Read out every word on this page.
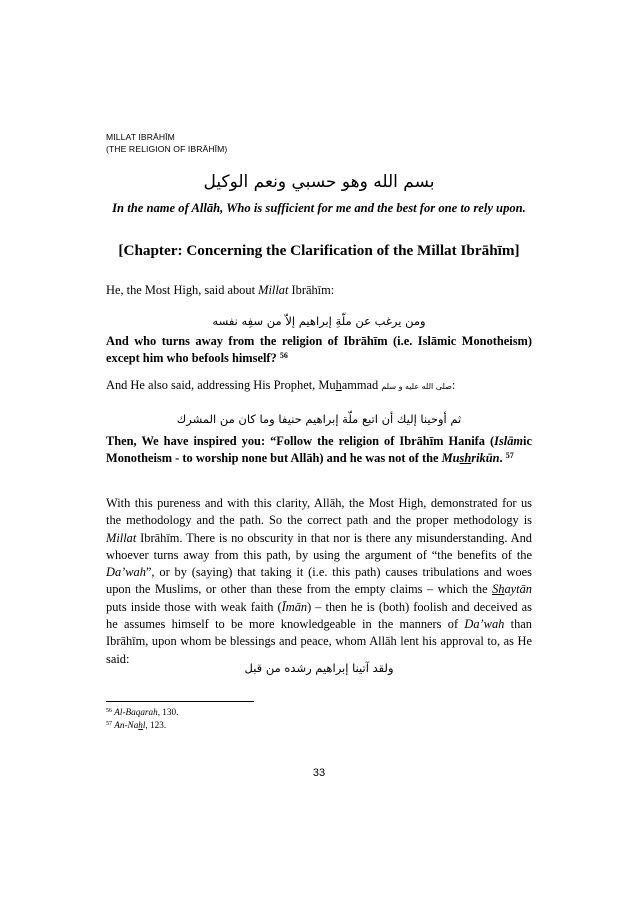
MILLAT IBRĀHĪM
(THE RELIGION OF IBRĀHĪM)
بسم الله وهو حسبي ونعم الوكيل
In the name of Allāh, Who is sufficient for me and the best for one to rely upon.
[Chapter: Concerning the Clarification of the Millat Ibrāhīm]
He, the Most High, said about Millat Ibrāhīm:
ومن يرغب عن ملّةِ إبراهيم إلاّ من سفِه نفسه
And who turns away from the religion of Ibrāhīm (i.e. Islāmic Monotheism) except him who befools himself? $^{56}$
And He also said, addressing His Prophet, Muhammad صلى الله عليه و سلم:
ثم أوحينا إليك أن اتبع ملّة إبراهيم حنيفا وما كان من المشرك
Then, We have inspired you: “Follow the religion of Ibrāhīm Hanifa (Islāmic Monotheism - to worship none but Allāh) and he was not of the Mushrikūn. $^{57}$
With this pureness and with this clarity, Allāh, the Most High, demonstrated for us the methodology and the path. So the correct path and the proper methodology is Millat Ibrāhīm. There is no obscurity in that nor is there any misunderstanding. And whoever turns away from this path, by using the argument of “the benefits of the Da’wah”, or by (saying) that taking it (i.e. this path) causes tribulations and woes upon the Muslims, or other than these from the empty claims – which the Shaytān puts inside those with weak faith (Īmān) – then he is (both) foolish and deceived as he assumes himself to be more knowledgeable in the manners of Da’wah than Ibrāhīm, upon whom be blessings and peace, whom Allāh lent his approval to, as He said:
ولقد آتينا إبراهيم رشده من قبل
$^{56}$ Al-Baqarah, 130.
$^{57}$ An-Nahl, 123.
33
